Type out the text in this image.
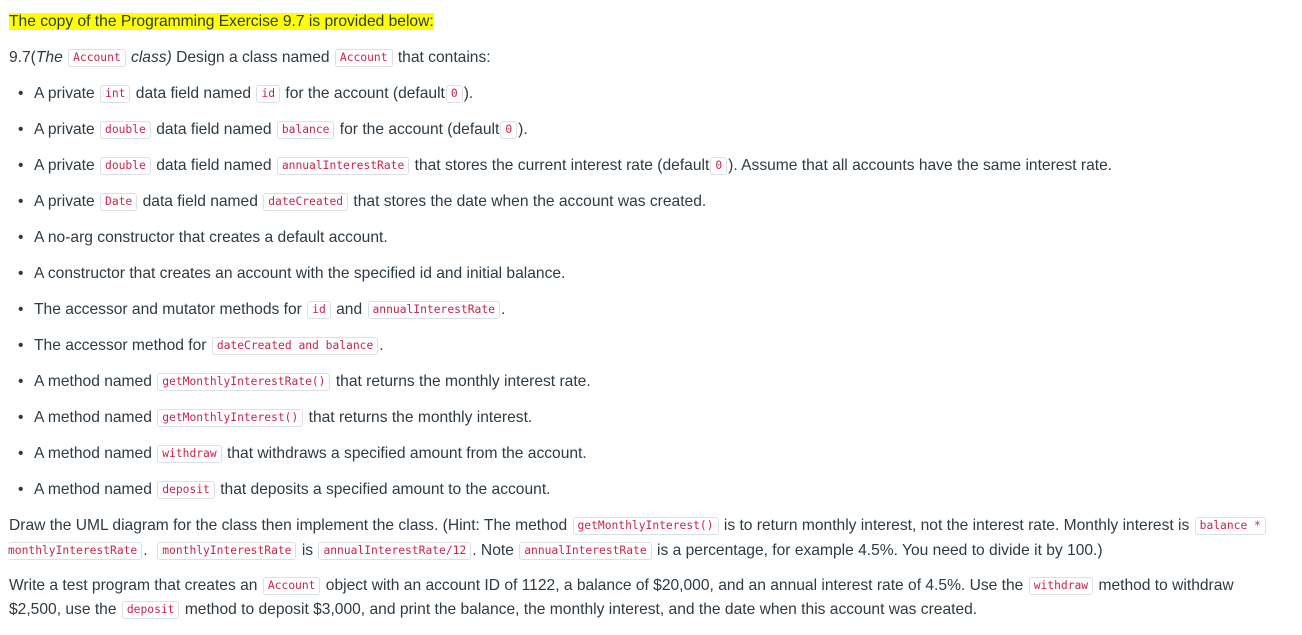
The copy of the Programming Exercise 9.7 is provided below:
9.7(The Account class) Design a class named Account that contains:
• A private int data field named id for the account (default 0 ).
• A private double data field named balance for the account (default 0 ).
• A private double data field named annualInterestRate that stores the current interest rate (default 0 ). Assume that all accounts have the same interest rate.
• A private Date data field named dateCreated that stores the date when the account was created.
• A no-arg constructor that creates a default account.
• A constructor that creates an account with the specified id and initial balance.
• The accessor and mutator methods for id and annualInterestRate .
• The accessor method for dateCreated and balance .
• A method named getMonthlyInterestRate() that returns the monthly interest rate.
• A method named getMonthlyInterest() that returns the monthly interest.
• A method named withdraw that withdraws a specified amount from the account.
• A method named deposit that deposits a specified amount to the account.
Draw the UML diagram for the class then implement the class. (Hint: The method getMonthlyInterest() is to return monthly interest, not the interest rate. Monthly interest is balance *
monthlyInterestRate . monthlyInterestRate is annualInterestRate/12 . Note annualInterestRate is a percentage, for example 4.5%. You need to divide it by 100.)
Write a test program that creates an Account object with an account ID of 1122, a balance of $20,000, and an annual interest rate of 4.5%. Use the withdraw method to withdraw
$2,500, use the deposit method to deposit $3,000, and print the balance, the monthly interest, and the date when this account was created.
